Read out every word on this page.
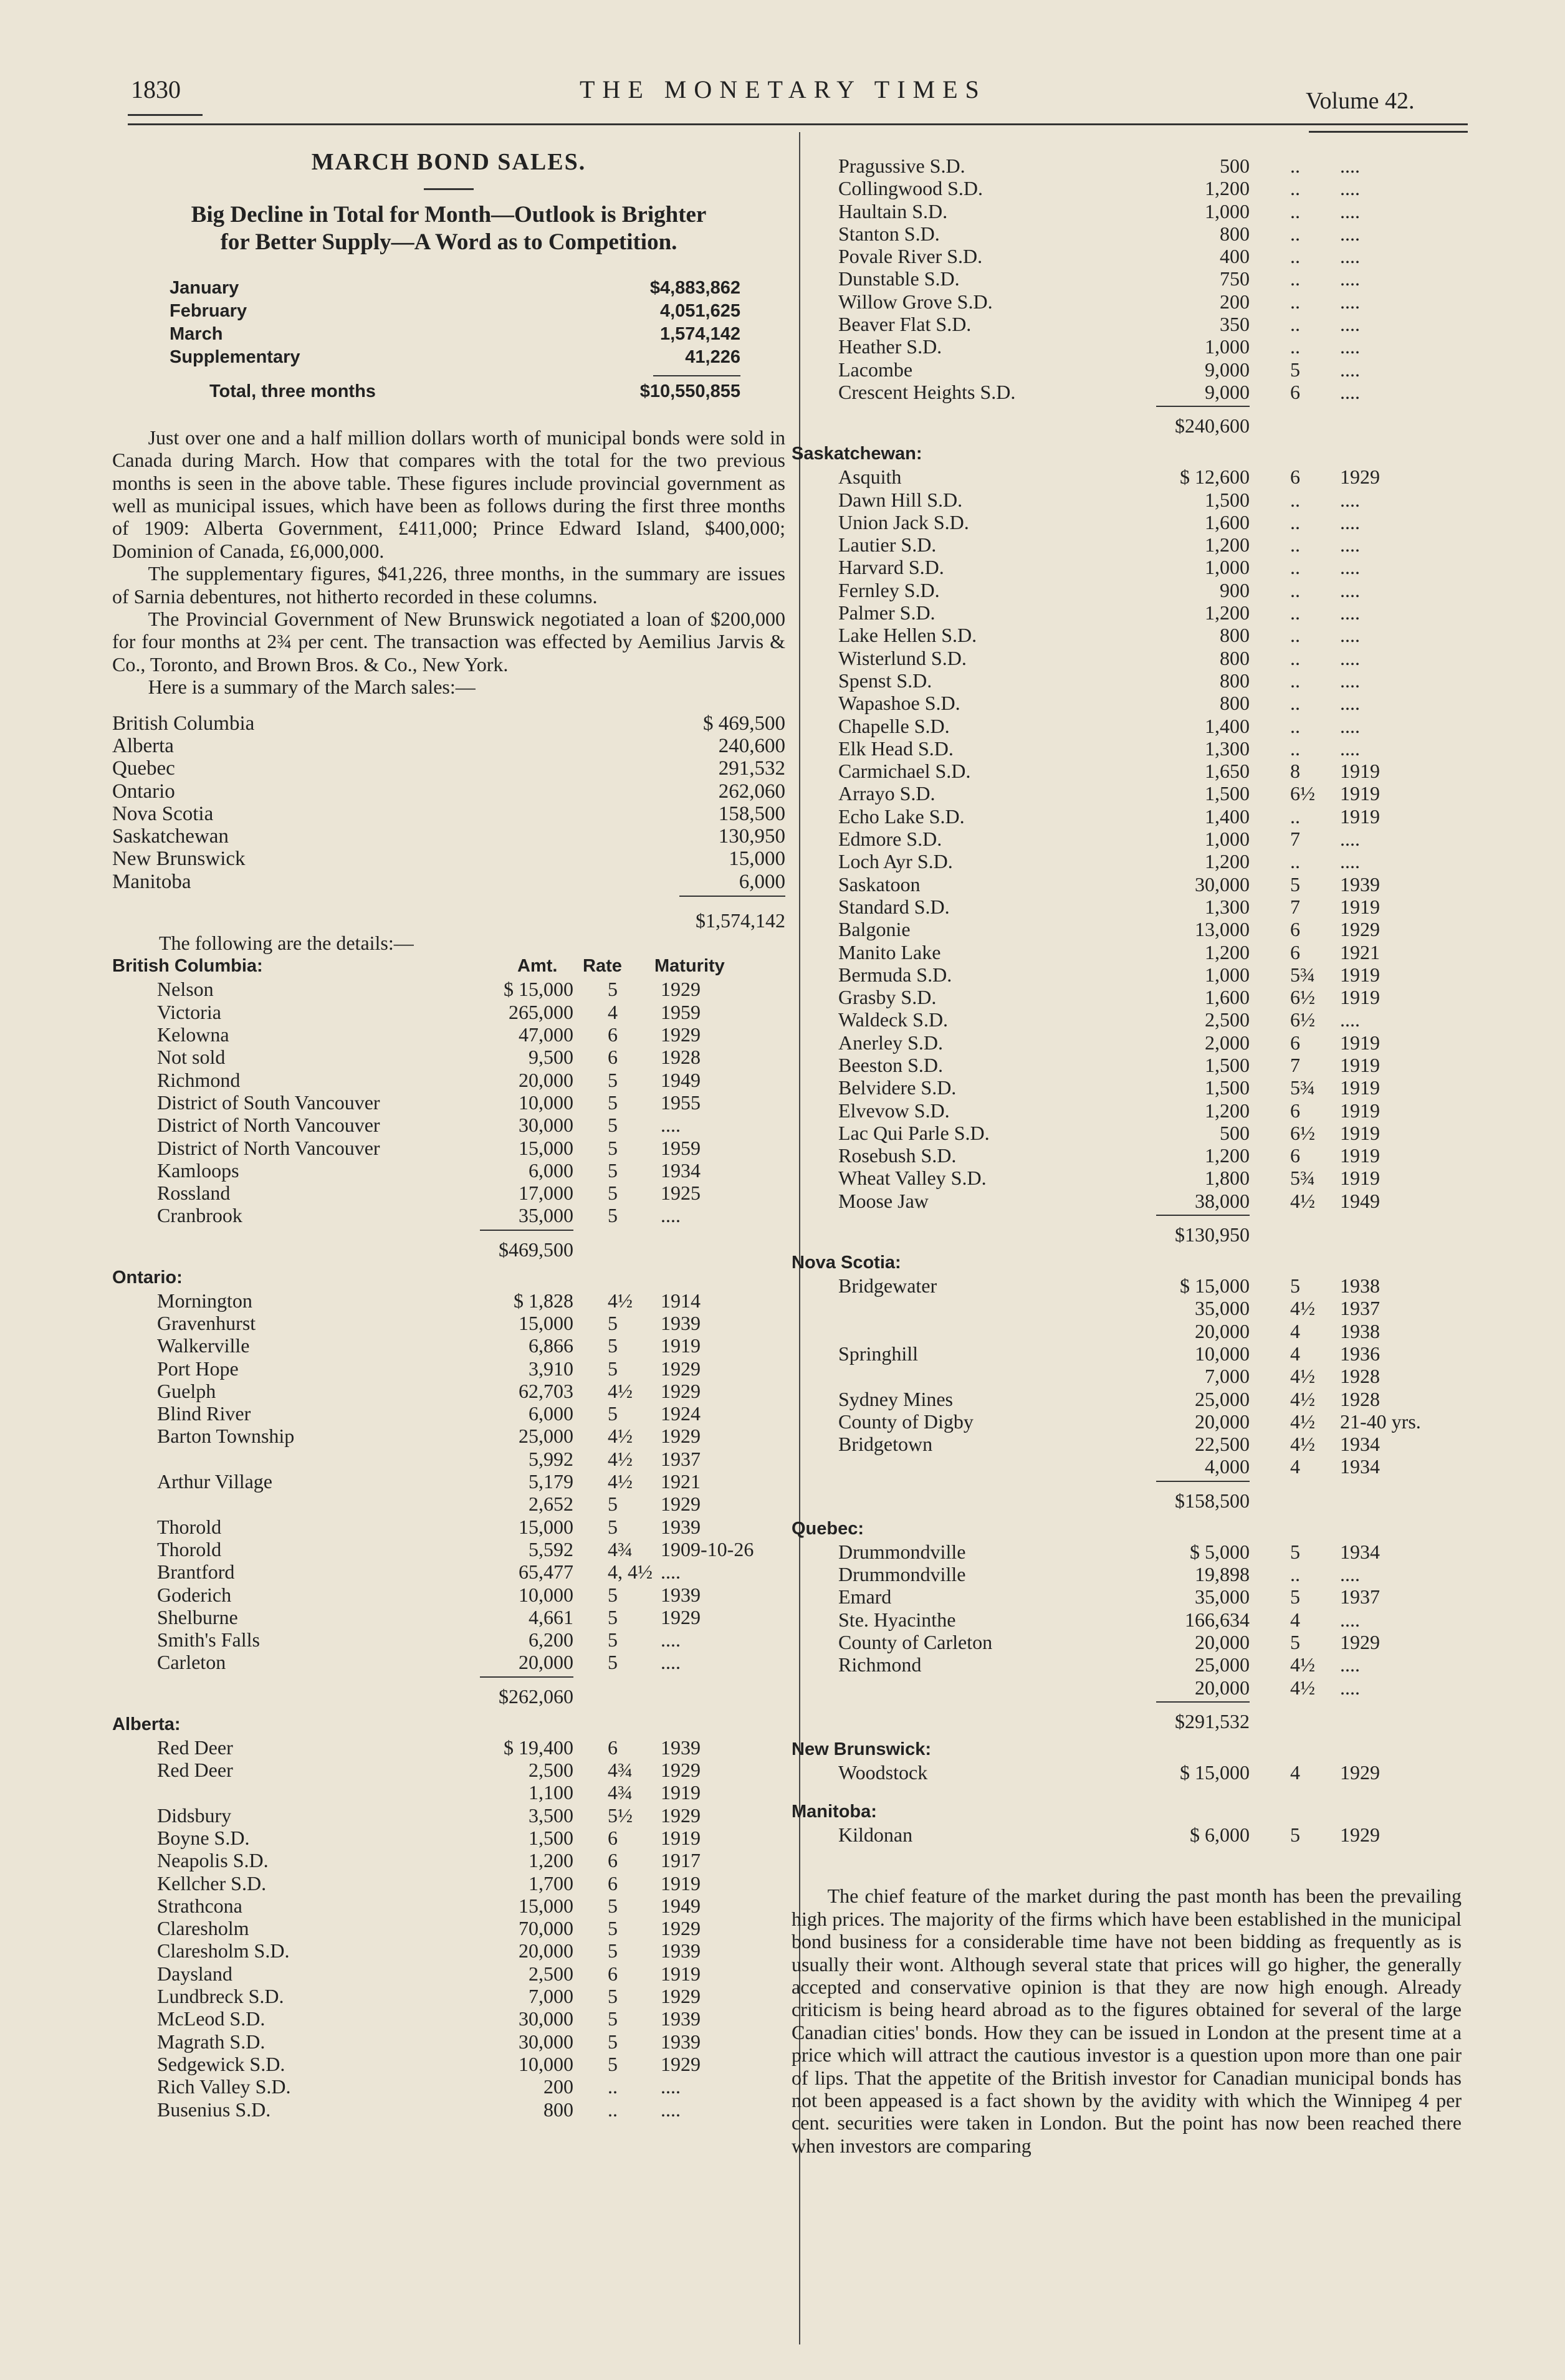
1830	THE MONETARY TIMES	Volume 42.
MARCH BOND SALES.
Big Decline in Total for Month—Outlook is Brighter
for Better Supply—A Word as to Competition.
January	$4,883,862
February	4,051,625
March	1,574,142
Supplementary	41,226
Total, three months	$10,550,855

Just over one and a half million dollars worth of municipal bonds were sold in Canada during March. How that compares with the total for the two previous months is seen in the above table. These figures include provincial government as well as municipal issues, which have been as follows during the first three months of 1909: Alberta Government, £411,000; Prince Edward Island, $400,000; Dominion of Canada, £6,000,000.

The supplementary figures, $41,226, three months, in the summary are issues of Sarnia debentures, not hitherto recorded in these columns.

The Provincial Government of New Brunswick negotiated a loan of $200,000 for four months at 2¾ per cent. The transaction was effected by Aemilius Jarvis & Co., Toronto, and Brown Bros. & Co., New York.

Here is a summary of the March sales:—

British Columbia	$ 469,500
Alberta	240,600
Quebec	291,532
Ontario	262,060
Nova Scotia	158,500
Saskatchewan	130,950
New Brunswick	15,000
Manitoba	6,000
$1,574,142
The following are the details:—
British Columbia:	Amt. Rate Maturity
Nelson	$ 15,000 5 1929
Victoria	265,000 4 1959
Kelowna	47,000 6 1929
Not sold	9,500 6 1928
Richmond	20,000 5 1949
District of South Vancouver	10,000 5 1955
District of North Vancouver	30,000 5 ....
District of North Vancouver	15,000 5 1959
Kamloops	6,000 5 1934
Rossland	17,000 5 1925
Cranbrook	35,000 5 ....
$469,500
Ontario:
Mornington	$ 1,828 4½ 1914
Gravenhurst	15,000 5 1939
Walkerville	6,866 5 1919
Port Hope	3,910 5 1929
Guelph	62,703 4½ 1929
Blind River	6,000 5 1924
Barton Township	25,000 4½ 1929
5,992 4½ 1937
Arthur Village	5,179 4½ 1921
2,652 5 1929
Thorold	15,000 5 1939
Thorold	5,592 4¾ 1909-10-26
Brantford	65,477 4, 4½ ....
Goderich	10,000 5 1939
Shelburne	4,661 5 1929
Smith's Falls	6,200 5 ....
Carleton	20,000 5 ....
$262,060
Alberta:
Red Deer	$ 19,400 6 1939
Red Deer	2,500 4¾ 1929
1,100 4¾ 1919
Didsbury	3,500 5½ 1929
Boyne S.D.	1,500 6 1919
Neapolis S.D.	1,200 6 1917
Kellcher S.D.	1,700 6 1919
Strathcona	15,000 5 1949
Claresholm	70,000 5 1929
Claresholm S.D.	20,000 5 1939
Daysland	2,500 6 1919
Lundbreck S.D.	7,000 5 1929
McLeod S.D.	30,000 5 1939
Magrath S.D.	30,000 5 1939
Sedgewick S.D.	10,000 5 1929
Rich Valley S.D.	200 .. ....
Busenius S.D.	800 .. ....
Pragussive S.D.	500 .. ....
Collingwood S.D.	1,200 .. ....
Haultain S.D.	1,000 .. ....
Stanton S.D.	800 .. ....
Povale River S.D.	400 .. ....
Dunstable S.D.	750 .. ....
Willow Grove S.D.	200 .. ....
Beaver Flat S.D.	350 .. ....
Heather S.D.	1,000 .. ....
Lacombe	9,000 5 ....
Crescent Heights S.D.	9,000 6 ....
$240,600
Saskatchewan:
Asquith	$ 12,600 6 1929
Dawn Hill S.D.	1,500 .. ....
Union Jack S.D.	1,600 .. ....
Lautier S.D.	1,200 .. ....
Harvard S.D.	1,000 .. ....
Fernley S.D.	900 .. ....
Palmer S.D.	1,200 .. ....
Lake Hellen S.D.	800 .. ....
Wisterlund S.D.	800 .. ....
Spenst S.D.	800 .. ....
Wapashoe S.D.	800 .. ....
Chapelle S.D.	1,400 .. ....
Elk Head S.D.	1,300 .. ....
Carmichael S.D.	1,650 8 1919
Arrayo S.D.	1,500 6½ 1919
Echo Lake S.D.	1,400 .. 1919
Edmore S.D.	1,000 7 ....
Loch Ayr S.D.	1,200 .. ....
Saskatoon	30,000 5 1939
Standard S.D.	1,300 7 1919
Balgonie	13,000 6 1929
Manito Lake	1,200 6 1921
Bermuda S.D.	1,000 5¾ 1919
Grasby S.D.	1,600 6½ 1919
Waldeck S.D.	2,500 6½ ....
Anerley S.D.	2,000 6 1919
Beeston S.D.	1,500 7 1919
Belvidere S.D.	1,500 5¾ 1919
Elvevow S.D.	1,200 6 1919
Lac Qui Parle S.D.	500 6½ 1919
Rosebush S.D.	1,200 6 1919
Wheat Valley S.D.	1,800 5¾ 1919
Moose Jaw	38,000 4½ 1949
$130,950
Nova Scotia:
Bridgewater	$ 15,000 5 1938
35,000 4½ 1937
20,000 4 1938
Springhill	10,000 4 1936
7,000 4½ 1928
Sydney Mines	25,000 4½ 1928
County of Digby	20,000 4½ 21-40 yrs.
Bridgetown	22,500 4½ 1934
4,000 4 1934
$158,500
Quebec:
Drummondville	$ 5,000 5 1934
Drummondville	19,898 .. ....
Emard	35,000 5 1937
Ste. Hyacinthe	166,634 4 ....
County of Carleton	20,000 5 1929
Richmond	25,000 4½ ....
20,000 4½ ....
$291,532
New Brunswick:
Woodstock	$ 15,000 4 1929
Manitoba:
Kildonan	$ 6,000 5 1929

The chief feature of the market during the past month has been the prevailing high prices. The majority of the firms which have been established in the municipal bond business for a considerable time have not been bidding as frequently as is usually their wont. Although several state that prices will go higher, the generally accepted and conservative opinion is that they are now high enough. Already criticism is being heard abroad as to the figures obtained for several of the large Canadian cities' bonds. How they can be issued in London at the present time at a price which will attract the cautious investor is a question upon more than one pair of lips. That the appetite of the British investor for Canadian municipal bonds has not been appeased is a fact shown by the avidity with which the Winnipeg 4 per cent. securities were taken in London. But the point has now been reached there when investors are comparing
